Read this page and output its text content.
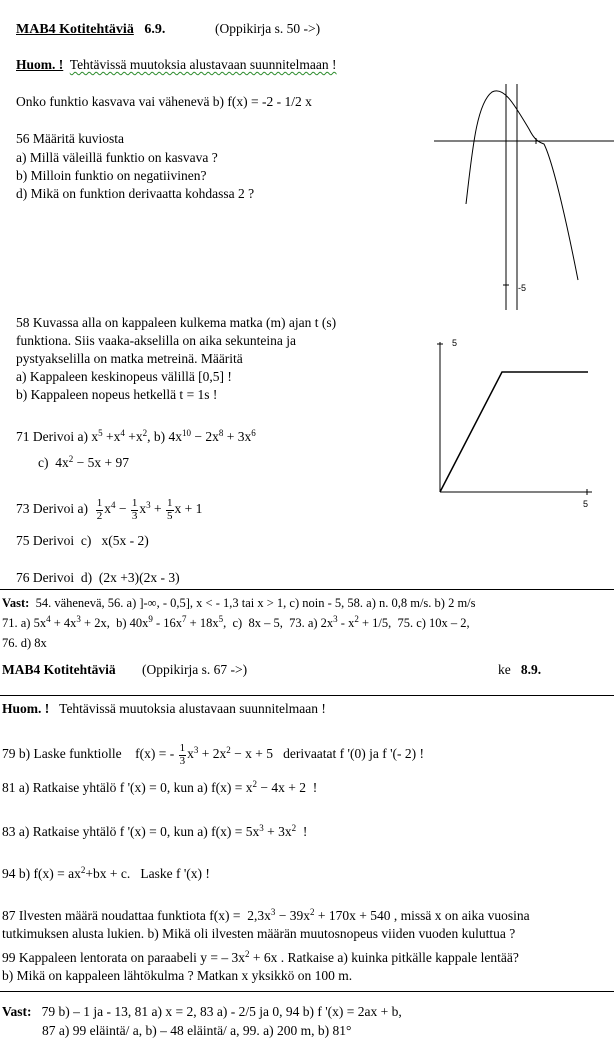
MAB4 Kotitehtäviä 6.9.	(Oppikirja s. 50 ->)
Huom. ! Tehtävissä muutoksia alustavaan suunnitelmaan !
Onko funktio kasvava vai vähenevä b) f(x) = -2 - 1/2 x
56 Määritä kuviosta
a) Millä väleillä funktio on kasvava ?
b) Milloin funktio on negatiivinen?
d) Mikä on funktion derivaatta kohdassa 2 ?
-5
58 Kuvassa alla on kappaleen kulkema matka (m) ajan t (s)
funktiona. Siis vaaka-akselilla on aika sekunteina ja
pystyakselilla on matka metreinä. Määritä
a) Kappaleen keskinopeus välillä [0,5] !
b) Kappaleen nopeus hetkellä t = 1s !
5
5
71 Derivoi a) $x^5 +x^4 +x^2$, b) $4x^{10} - 2x^8 + 3x^6$
c)  $4x^2 - 5x + 97$
73 Derivoi $a) \frac{1}{2} x^4 - \frac{1}{3} x^3 + \frac{1}{5}$ x + 1
75 Derivoi c) x(5x - 2)
76 Derivoi d) (2x +3)(2x - 3)
Vast: 54. vähenevä, 56. a) ]-∞, - 0,5], x < - 1,3 tai x > 1, c) noin - 5, 58. a) n. 0,8 m/s. b) 2 m/s
71. a) $5x^4 + 4x^3 + 2x$,  b) $40x^9 - 16x^7 + 18x^5$,  c)  8x – 5,  73. a) $2x^3 - x^2 + 1/5$,  75. c) 10x – 2,
76. d) 8x
MAB4 Kotitehtäviä (Oppikirja s. 67 ->)	ke 8.9.
Huom. ! Tehtävissä muutoksia alustavaan suunnitelmaan !
79 b) Laske funktiolle    f(x) = - $\frac{1}{3} x^3 + 2x^2 - x + 5$   derivaatat f '(0) ja f '(- 2) !
81 a) Ratkaise yhtälö f '(x) = 0, kun a) $f(x) = x^2 - 4x + 2$  !
83 a) Ratkaise yhtälö f '(x) = 0, kun a) $f(x) = 5x^3 + 3x^2$  !
94 b) $f(x) = ax^2+bx + c$.   Laske f '(x) !
87 Ilvesten määrä noudattaa funktiota $f(x) = 2,3x^3 - 39x^2 + 170x + 540$ , missä x on aika vuosina
tutkimuksen alusta lukien. b) Mikä oli ilvesten määrän muutosnopeus viiden vuoden kuluttua ?
99 Kappaleen lentorata on paraabeli y = – $3x^2 + 6x$ . Ratkaise a) kuinka pitkälle kappale lentää?
b) Mikä on kappaleen lähtökulma ? Matkan x yksikkö on 100 m.
Vast: 79 b) – 1 ja - 13, 81 a) x = 2, 83 a) - 2/5 ja 0, 94 b) f '(x) = 2ax + b,
87 a) 99 eläintä/ a, b) – 48 eläintä/ a, 99. a) 200 m, b) 81°
